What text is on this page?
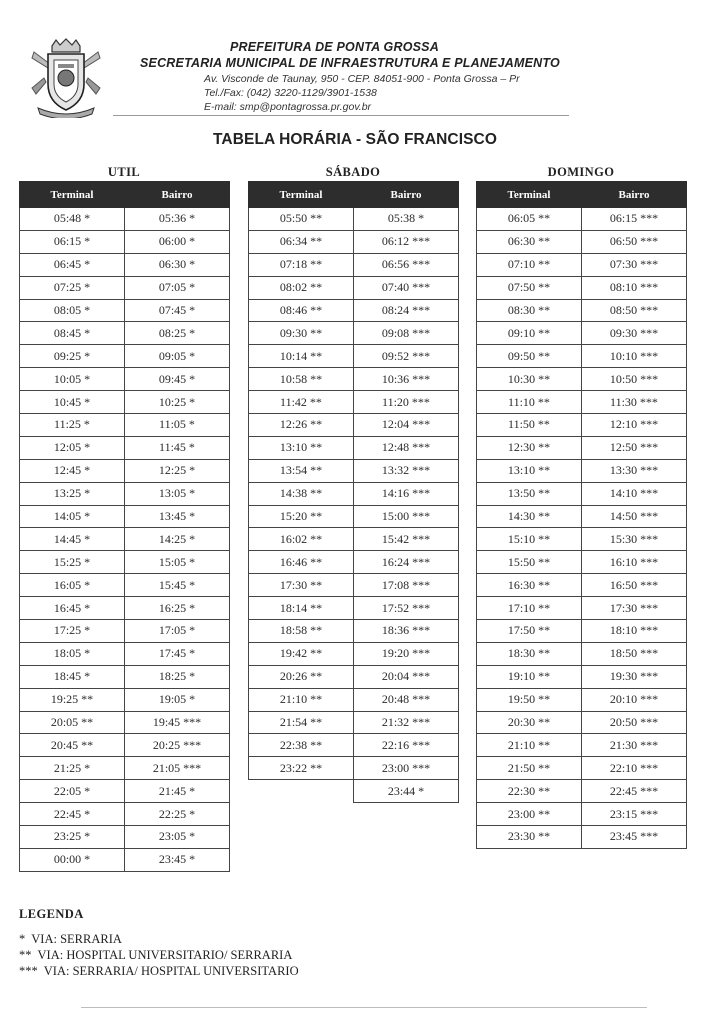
PREFEITURA DE PONTA GROSSA
SECRETARIA MUNICIPAL DE INFRAESTRUTURA E PLANEJAMENTO
Av. Visconde de Taunay, 950 - CEP. 84051-900 - Ponta Grossa – Pr
Tel./Fax: (042) 3220-1129/3901-1538
E-mail: smp@pontagrossa.pr.gov.br
TABELA HORÁRIA - SÃO FRANCISCO
UTIL
Terminal	Bairro
05:48 *	05:36 *
06:15 *	06:00 *
06:45 *	06:30 *
07:25 *	07:05 *
08:05 *	07:45 *
08:45 *	08:25 *
09:25 *	09:05 *
10:05 *	09:45 *
10:45 *	10:25 *
11:25 *	11:05 *
12:05 *	11:45 *
12:45 *	12:25 *
13:25 *	13:05 *
14:05 *	13:45 *
14:45 *	14:25 *
15:25 *	15:05 *
16:05 *	15:45 *
16:45 *	16:25 *
17:25 *	17:05 *
18:05 *	17:45 *
18:45 *	18:25 *
19:25 **	19:05 *
20:05 **	19:45 ***
20:45 **	20:25 ***
21:25 *	21:05 ***
22:05 *	21:45 *
22:45 *	22:25 *
23:25 *	23:05 *
00:00 *	23:45 *
SÁBADO
Terminal	Bairro
05:50 **	05:38 *
06:34 **	06:12 ***
07:18 **	06:56 ***
08:02 **	07:40 ***
08:46 **	08:24 ***
09:30 **	09:08 ***
10:14 **	09:52 ***
10:58 **	10:36 ***
11:42 **	11:20 ***
12:26 **	12:04 ***
13:10 **	12:48 ***
13:54 **	13:32 ***
14:38 **	14:16 ***
15:20 **	15:00 ***
16:02 **	15:42 ***
16:46 **	16:24 ***
17:30 **	17:08 ***
18:14 **	17:52 ***
18:58 **	18:36 ***
19:42 **	19:20 ***
20:26 **	20:04 ***
21:10 **	20:48 ***
21:54 **	21:32 ***
22:38 **	22:16 ***
23:22 **	23:00 ***
	23:44 *
DOMINGO
Terminal	Bairro
06:05 **	06:15 ***
06:30 **	06:50 ***
07:10 **	07:30 ***
07:50 **	08:10 ***
08:30 **	08:50 ***
09:10 **	09:30 ***
09:50 **	10:10 ***
10:30 **	10:50 ***
11:10 **	11:30 ***
11:50 **	12:10 ***
12:30 **	12:50 ***
13:10 **	13:30 ***
13:50 **	14:10 ***
14:30 **	14:50 ***
15:10 **	15:30 ***
15:50 **	16:10 ***
16:30 **	16:50 ***
17:10 **	17:30 ***
17:50 **	18:10 ***
18:30 **	18:50 ***
19:10 **	19:30 ***
19:50 **	20:10 ***
20:30 **	20:50 ***
21:10 **	21:30 ***
21:50 **	22:10 ***
22:30 **	22:45 ***
23:00 **	23:15 ***
23:30 **	23:45 ***
LEGENDA
*  VIA: SERRARIA
**  VIA: HOSPITAL UNIVERSITARIO/ SERRARIA
***  VIA: SERRARIA/ HOSPITAL UNIVERSITARIO
